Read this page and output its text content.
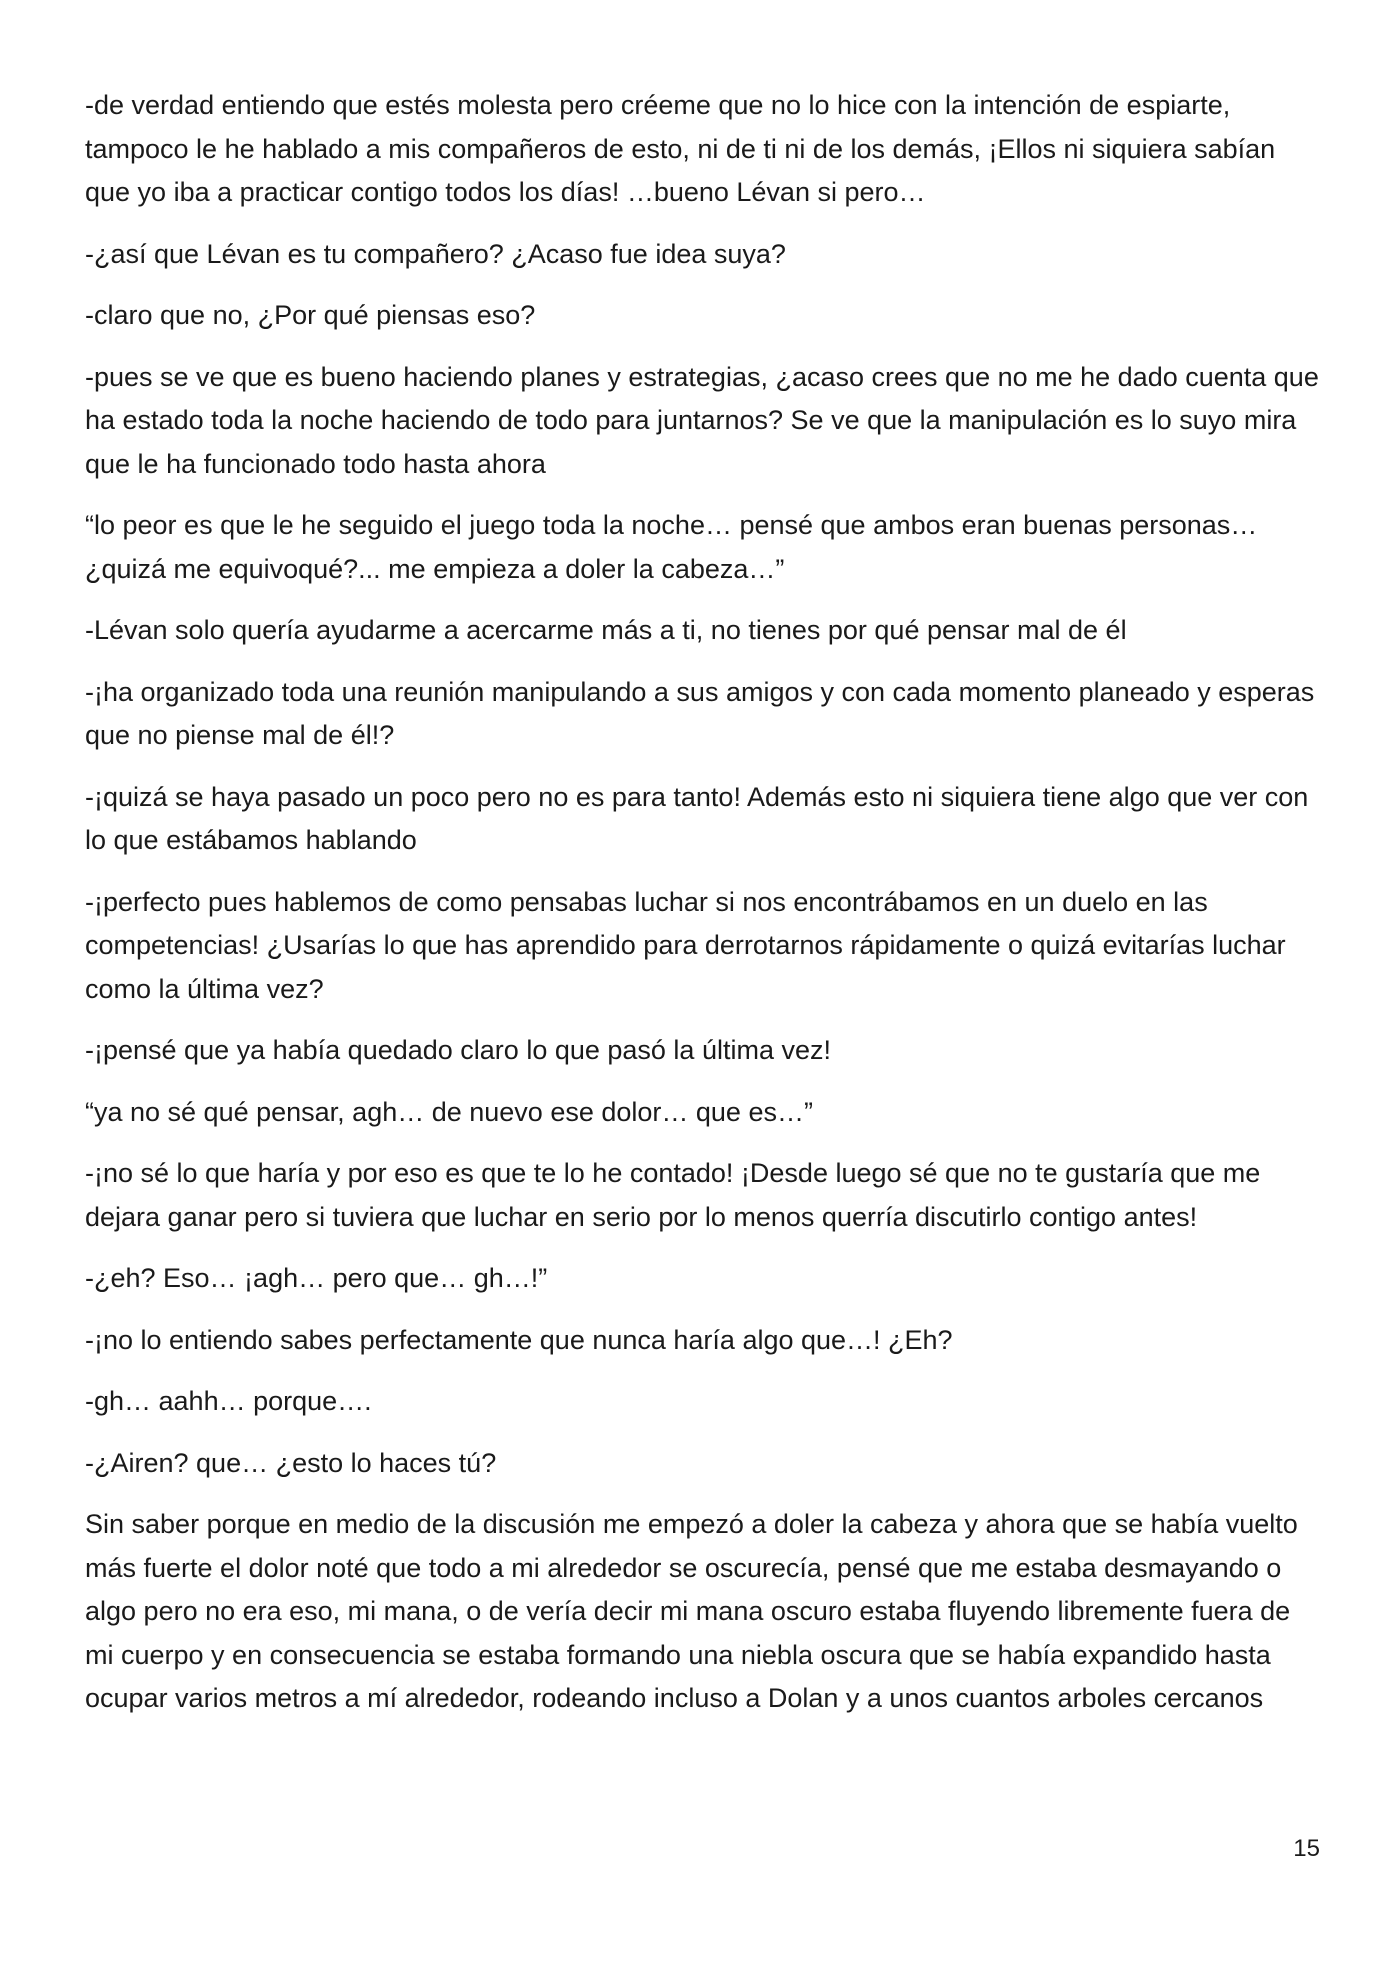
-de verdad entiendo que estés molesta pero créeme que no lo hice con la intención de espiarte, tampoco le he hablado a mis compañeros de esto, ni de ti ni de los demás, ¡Ellos ni siquiera sabían que yo iba a practicar contigo todos los días! …bueno Lévan si pero…

-¿así que Lévan es tu compañero? ¿Acaso fue idea suya?

-claro que no, ¿Por qué piensas eso?

-pues se ve que es bueno haciendo planes y estrategias, ¿acaso crees que no me he dado cuenta que ha estado toda la noche haciendo de todo para juntarnos? Se ve que la manipulación es lo suyo mira que le ha funcionado todo hasta ahora

“lo peor es que le he seguido el juego toda la noche… pensé que ambos eran buenas personas… ¿quizá me equivoqué?... me empieza a doler la cabeza…”

-Lévan solo quería ayudarme a acercarme más a ti, no tienes por qué pensar mal de él

-¡ha organizado toda una reunión manipulando a sus amigos y con cada momento planeado y esperas que no piense mal de él!?

-¡quizá se haya pasado un poco pero no es para tanto! Además esto ni siquiera tiene algo que ver con lo que estábamos hablando

-¡perfecto pues hablemos de como pensabas luchar si nos encontrábamos en un duelo en las competencias! ¿Usarías lo que has aprendido para derrotarnos rápidamente o quizá evitarías luchar como la última vez?

-¡pensé que ya había quedado claro lo que pasó la última vez!

“ya no sé qué pensar, agh… de nuevo ese dolor… que es…”

-¡no sé lo que haría y por eso es que te lo he contado! ¡Desde luego sé que no te gustaría que me dejara ganar pero si tuviera que luchar en serio por lo menos querría discutirlo contigo antes!

-¿eh? Eso… ¡agh… pero que… gh…!”

-¡no lo entiendo sabes perfectamente que nunca haría algo que…! ¿Eh?

-gh… aahh… porque….

-¿Airen? que… ¿esto lo haces tú?

Sin saber porque en medio de la discusión me empezó a doler la cabeza y ahora que se había vuelto más fuerte el dolor noté que todo a mi alrededor se oscurecía, pensé que me estaba desmayando o algo pero no era eso, mi mana, o de vería decir mi mana oscuro estaba fluyendo libremente fuera de mi cuerpo y en consecuencia se estaba formando una niebla oscura que se había expandido hasta ocupar varios metros a mí alrededor, rodeando incluso a Dolan y a unos cuantos arboles cercanos

15
